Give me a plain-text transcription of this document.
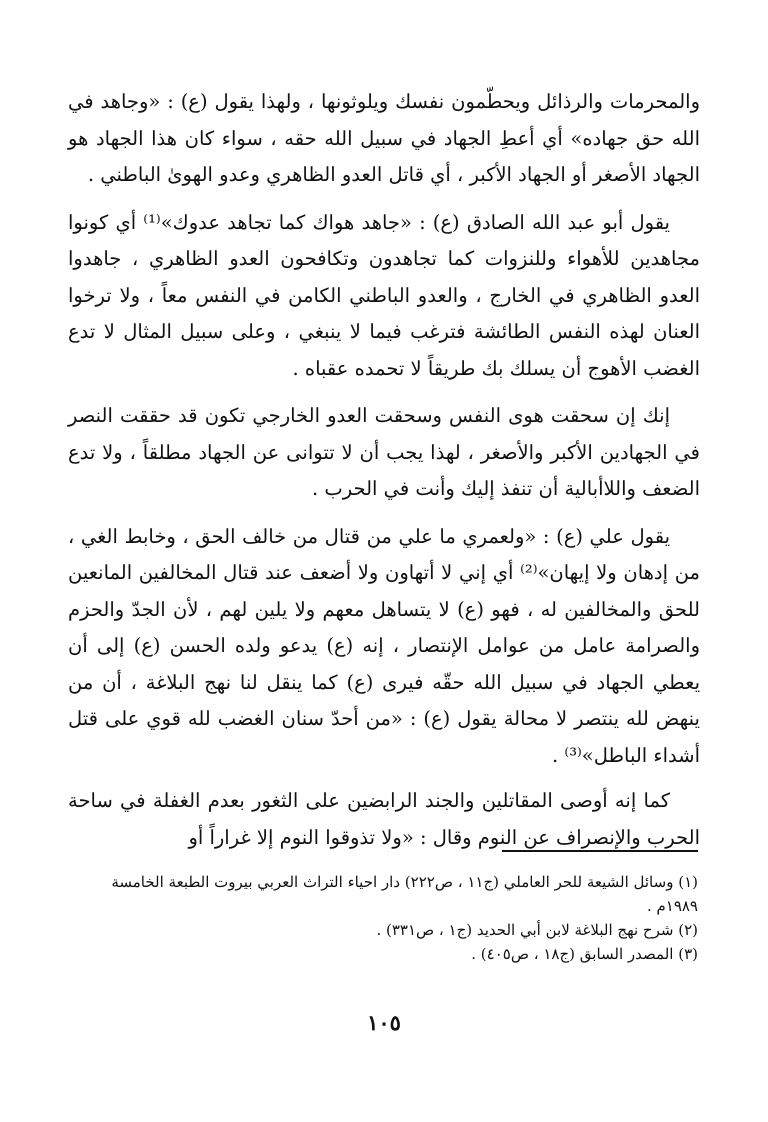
والمحرمات والرذائل ويحطّمون نفسك ويلوثونها ، ولهذا يقول (ع) : «وجاهد في الله حق جهاده» أي أعطِ الجهاد في سبيل الله حقه ، سواء كان هذا الجهاد هو الجهاد الأصغر أو الجهاد الأكبر ، أي قاتل العدو الظاهري وعدو الهوىٰ الباطني .

يقول أبو عبد الله الصادق (ع) : «جاهد هواك كما تجاهد عدوك»⁽¹⁾ أي كونوا مجاهدين للأهواء وللنزوات كما تجاهدون وتكافحون العدو الظاهري ، جاهدوا العدو الظاهري في الخارج ، والعدو الباطني الكامن في النفس معاً ، ولا ترخوا العنان لهذه النفس الطائشة فترغب فيما لا ينبغي ، وعلى سبيل المثال لا تدع الغضب الأهوج أن يسلك بك طريقاً لا تحمده عقباه .

إنك إن سحقت هوى النفس وسحقت العدو الخارجي تكون قد حققت النصر في الجهادين الأكبر والأصغر ، لهذا يجب أن لا تتوانى عن الجهاد مطلقاً ، ولا تدع الضعف واللاأبالية أن تنفذ إليك وأنت في الحرب .

يقول علي (ع) : «ولعمري ما علي من قتال من خالف الحق ، وخابط الغي ، من إدهان ولا إيهان»⁽²⁾ أي إني لا أتهاون ولا أضعف عند قتال المخالفين المانعين للحق والمخالفين له ، فهو (ع) لا يتساهل معهم ولا يلين لهم ، لأن الجدّ والحزم والصرامة عامل من عوامل الإنتصار ، إنه (ع) يدعو ولده الحسن (ع) إلى أن يعطي الجهاد في سبيل الله حقّه فيرى (ع) كما ينقل لنا نهج البلاغة ، أن من ينهض لله ينتصر لا محالة يقول (ع) : «من أحدّ سنان الغضب لله قوي على قتل أشداء الباطل»⁽³⁾ .

كما إنه أوصى المقاتلين والجند الرابضين على الثغور بعدم الغفلة في ساحة الحرب والإنصراف عن النوم وقال : «ولا تذوقوا النوم إلا غراراً أو

(١) وسائل الشيعة للحر العاملي (ج١١ ، ص٢٢٢) دار احياء التراث العربي بيروت الطبعة الخامسة ١٩٨٩م .

(٢) شرح نهج البلاغة لابن أبي الحديد (ج١ ، ص٣٣١) .

(٣) المصدر السابق (ج١٨ ، ص٤٠٥) .

١٠٥
